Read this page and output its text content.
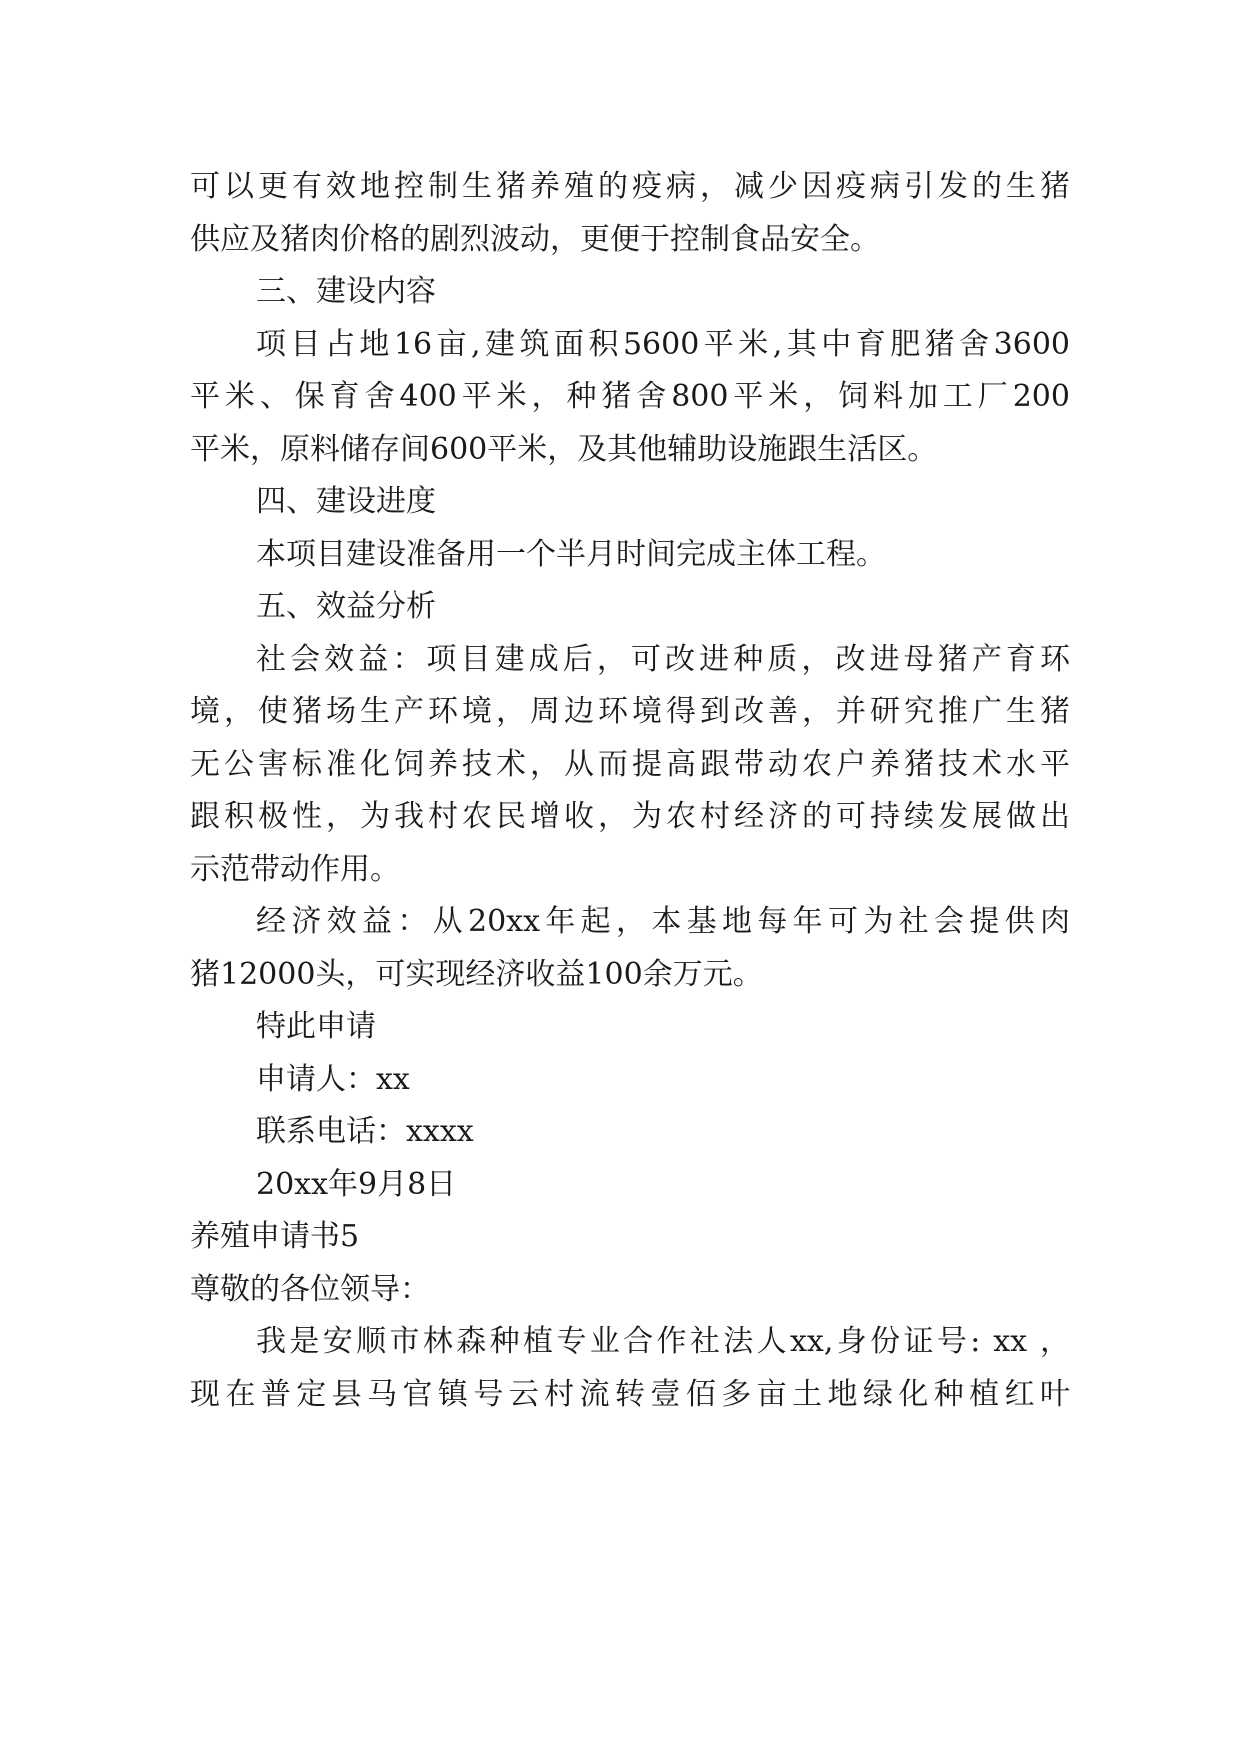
可以更有效地控制生猪养殖的疫病，减少因疫病引发的生猪
供应及猪肉价格的剧烈波动，更便于控制食品安全。
三、建设内容
项目占地16亩,建筑面积5600平米,其中育肥猪舍3600
平米、保育舍400平米，种猪舍800平米，饲料加工厂200
平米，原料储存间600平米，及其他辅助设施跟生活区。
四、建设进度
本项目建设准备用一个半月时间完成主体工程。
五、效益分析
社会效益：项目建成后，可改进种质，改进母猪产育环
境，使猪场生产环境，周边环境得到改善，并研究推广生猪
无公害标准化饲养技术，从而提高跟带动农户养猪技术水平
跟积极性，为我村农民增收，为农村经济的可持续发展做出
示范带动作用。
经济效益：从20xx年起，本基地每年可为社会提供肉
猪12000头，可实现经济收益100余万元。
特此申请
申请人：xx
联系电话：xxxx
20xx年9月8日
养殖申请书5
尊敬的各位领导：
我是安顺市林森种植专业合作社法人xx,身份证号: xx ，
现在普定县马官镇号云村流转壹佰多亩土地绿化种植红叶
